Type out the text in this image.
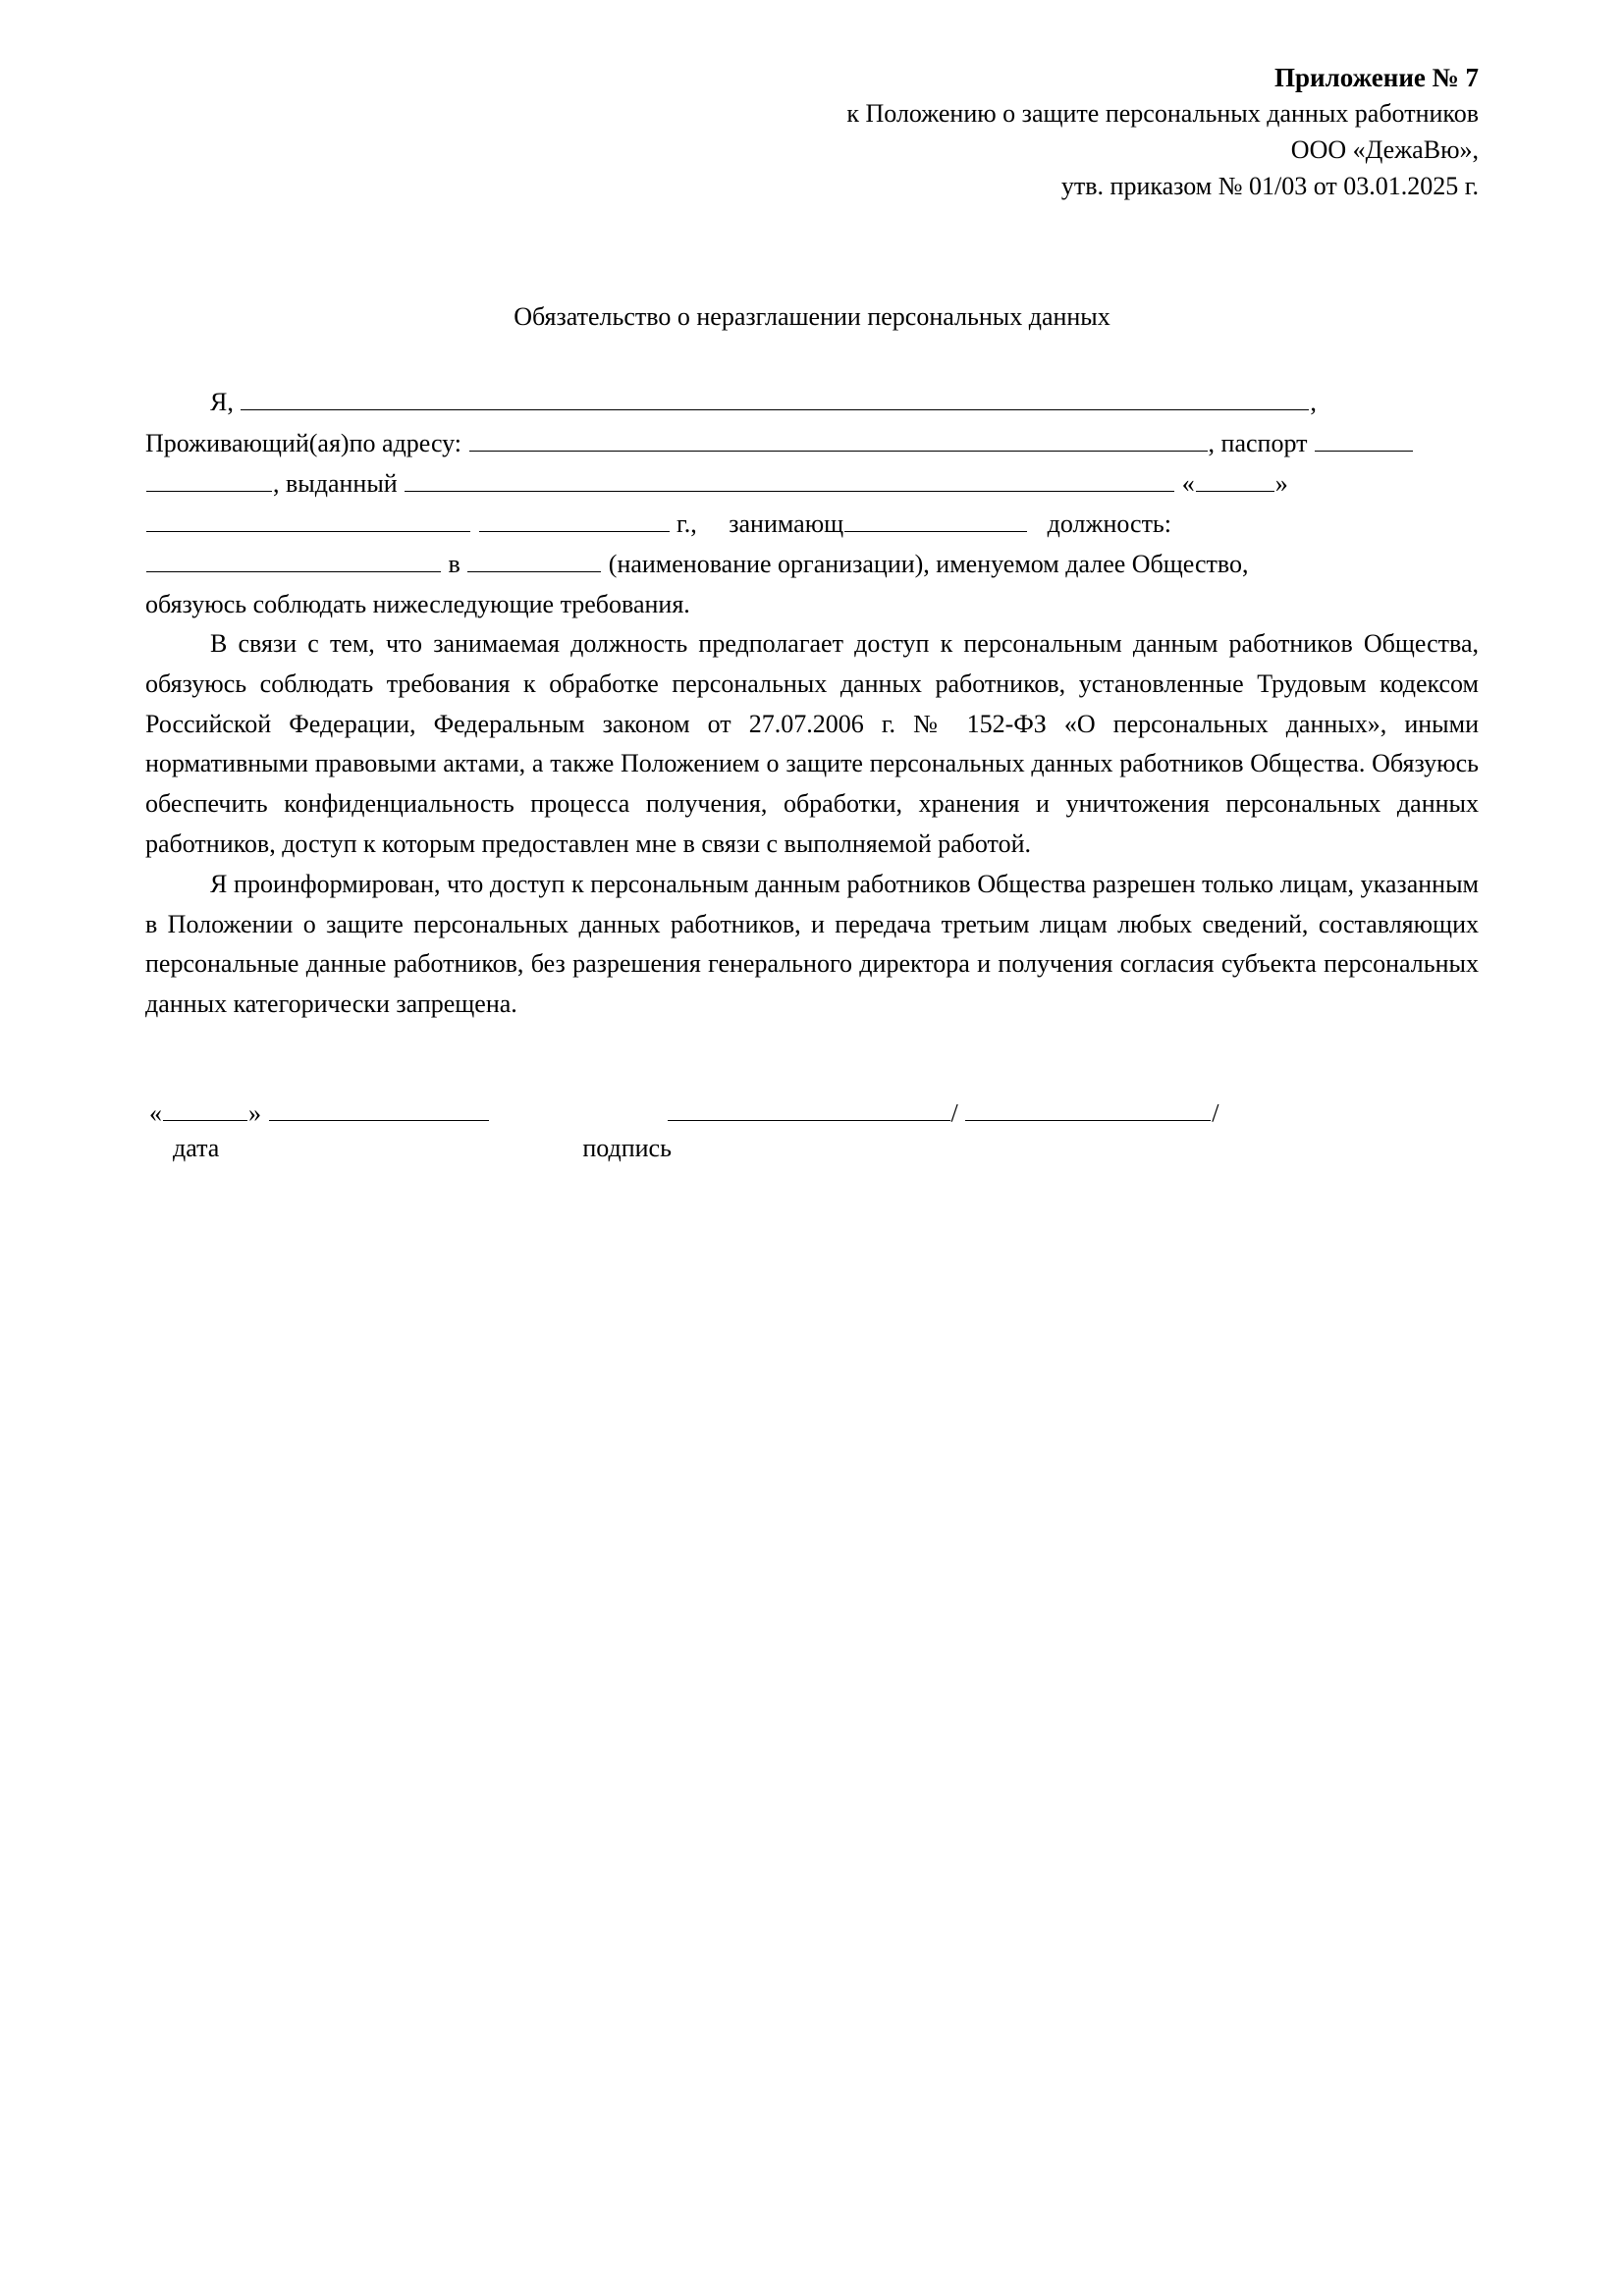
Приложение № 7
к Положению о защите персональных данных работников
ООО «ДежаВю»,
утв. приказом № 01/03 от 03.01.2025 г.
Обязательство о неразглашении персональных данных
Я,	,
Проживающий(ая)по адресу:	, паспорт
, выданный	«	»
г., занимающ	должность:
в	(наименование организации), именуемом далее Общество,
обязуюсь соблюдать нижеследующие требования.

В связи с тем, что занимаемая должность предполагает доступ к персональным данным работников Общества, обязуюсь соблюдать требования к обработке персональных данных работников, установленные Трудовым кодексом Российской Федерации, Федеральным законом от 27.07.2006 г. № 152-ФЗ «О персональных данных», иными нормативными правовыми актами, а также Положением о защите персональных данных работников Общества. Обязуюсь обеспечить конфиденциальность процесса получения, обработки, хранения и уничтожения персональных данных работников, доступ к которым предоставлен мне в связи с выполняемой работой.

Я проинформирован, что доступ к персональным данным работников Общества разрешен только лицам, указанным в Положении о защите персональных данных работников, и передача третьим лицам любых сведений, составляющих персональные данные работников, без разрешения генерального директора и получения согласия субъекта персональных данных категорически запрещена.

«	»	/	/
дата	подпись
